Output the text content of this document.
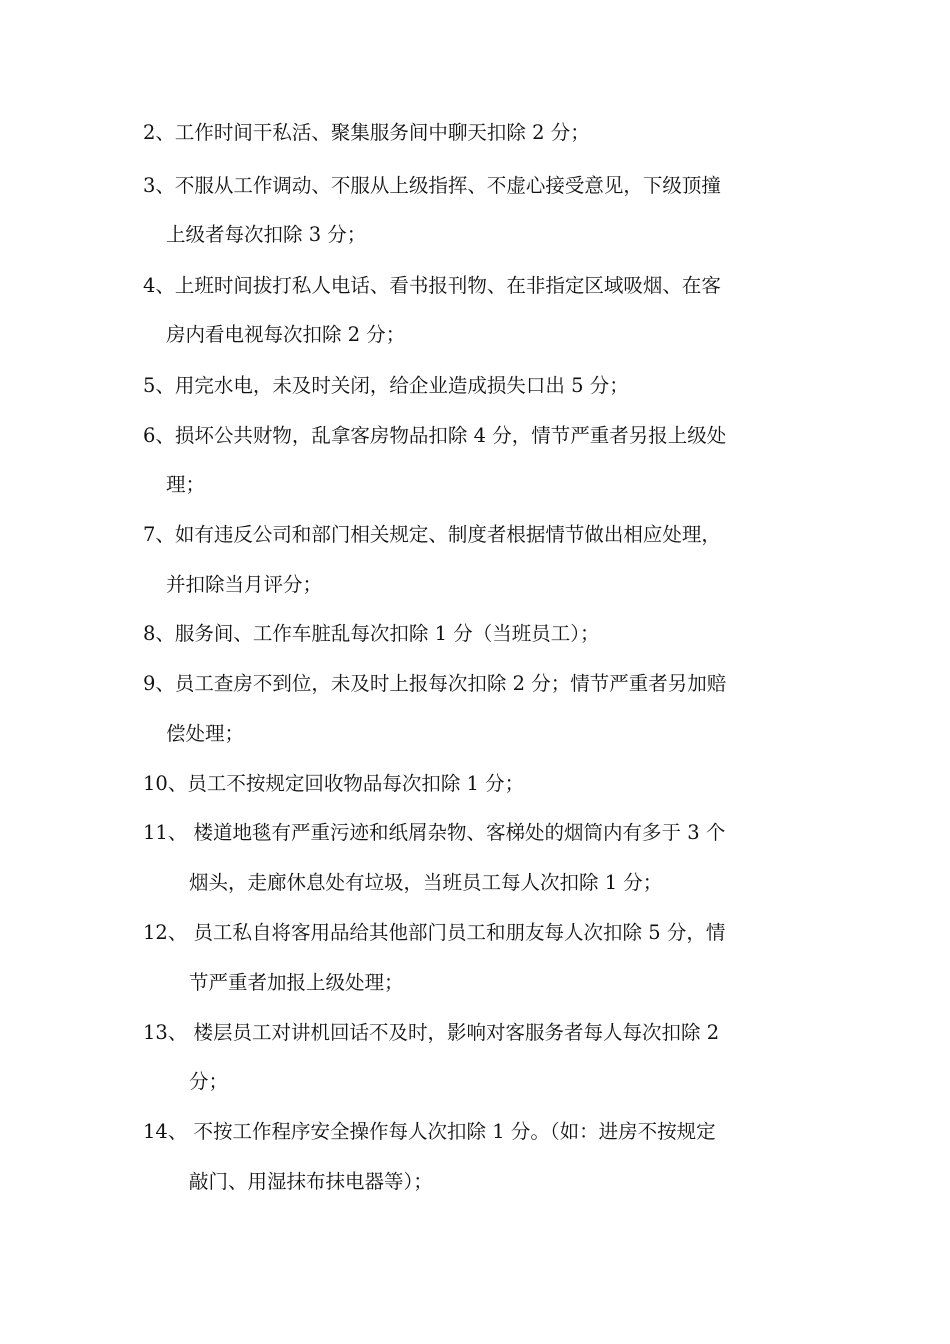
2、工作时间干私活、聚集服务间中聊天扣除 2 分；
3、不服从工作调动、不服从上级指挥、不虚心接受意见，下级顶撞
上级者每次扣除 3 分；
4、上班时间拔打私人电话、看书报刊物、在非指定区域吸烟、在客
房内看电视每次扣除 2 分；
5、用完水电，未及时关闭，给企业造成损失口出 5 分；
6、损坏公共财物，乱拿客房物品扣除 4 分，情节严重者另报上级处
理；
7、如有违反公司和部门相关规定、制度者根据情节做出相应处理，
并扣除当月评分；
8、服务间、工作车脏乱每次扣除 1 分（当班员工）；
9、员工查房不到位，未及时上报每次扣除 2 分；情节严重者另加赔
偿处理；
10、员工不按规定回收物品每次扣除 1 分；
11、 楼道地毯有严重污迹和纸屑杂物、客梯处的烟筒内有多于 3 个
烟头，走廊休息处有垃圾，当班员工每人次扣除 1 分；
12、 员工私自将客用品给其他部门员工和朋友每人次扣除 5 分，情
节严重者加报上级处理；
13、 楼层员工对讲机回话不及时，影响对客服务者每人每次扣除 2
分；
14、 不按工作程序安全操作每人次扣除 1 分。（如：进房不按规定
敲门、用湿抹布抹电器等）；
